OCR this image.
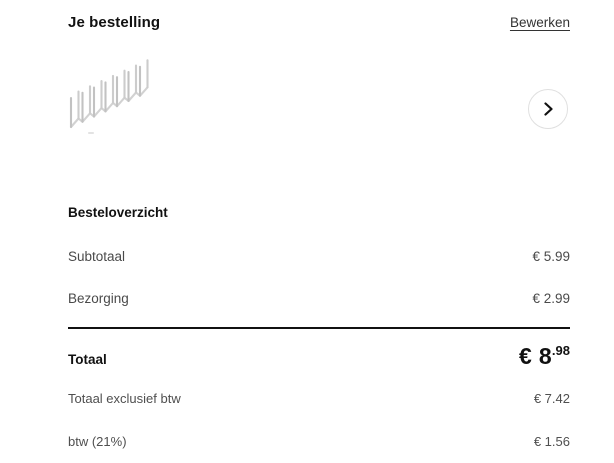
Je bestelling	Bewerken
Besteloverzicht
Subtotaal	€ 5.99
Bezorging	€ 2.99
Totaal	€ $8^{.98}$
Totaal exclusief btw	€ 7.42
btw (21%)	€ 1.56
